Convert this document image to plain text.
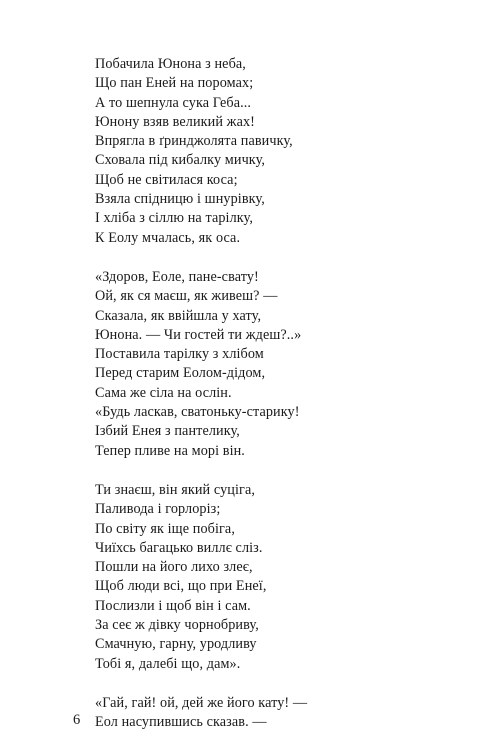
Побачила Юнона з неба,
Що пан Еней на поромах;
А то шепнула сука Геба...
Юнону взяв великий жах!
Впрягла в ґринджолята павичку,
Сховала під кибалку мичку,
Щоб не світилася коса;
Взяла спідницю і шнурівку,
І хліба з сіллю на тарілку,
К Еолу мчалась, як оса.
«Здоров, Еоле, пане-свату!
Ой, як ся маєш, як живеш? —
Сказала, як ввійшла у хату,
Юнона. — Чи гостей ти ждеш?..»
Поставила тарілку з хлібом
Перед старим Еолом-дідом,
Сама же сіла на ослін.
«Будь ласкав, сватоньку-старику!
Ізбий Енея з пантелику,
Тепер пливе на морі він.
Ти знаєш, він який суціга,
Паливода і горлоріз;
По світу як іще побіга,
Чиїхсь багацько виллє сліз.
Пошли на його лихо злеє,
Щоб люди всі, що при Енеї,
Послизли і щоб він і сам.
За сеє ж дівку чорнобриву,
Смачную, гарну, уродливу
Тобі я, далебі що, дам».
«Гай, гай! ой, дей же його кату! —
Еол насупившись сказав. —
6
